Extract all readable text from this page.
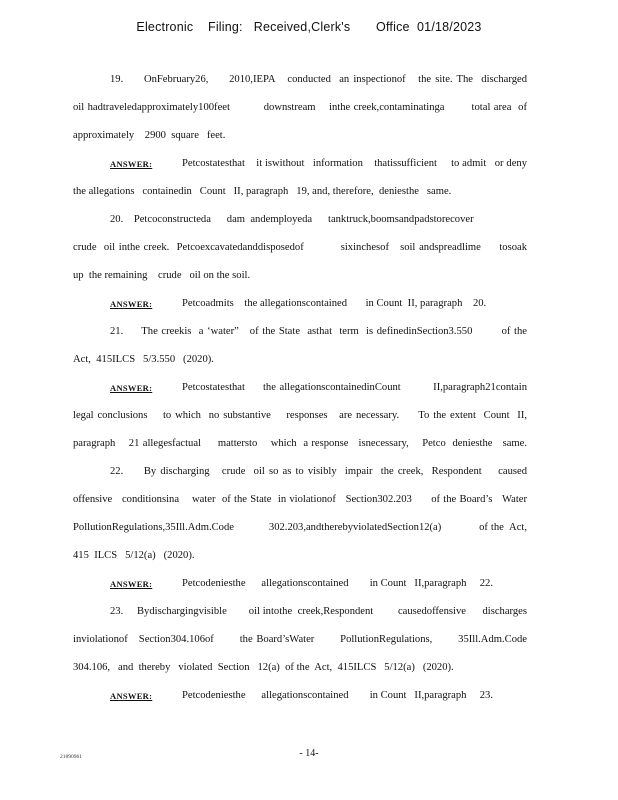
Electronic    Filing:   Received,Clerk's       Office  01/18/2023
19.     OnFebruary26,     2010,IEPA   conducted  an inspectionof   the site. The  discharged
oil hadtraveledapproximately100feet          downstream    inthe creek,contaminatinga        total area  of
approximately    2900  square   feet.
ANSWER:	Petcostatesthat    it iswithout   information    thatissufficient     to admit   or deny
the allegations   containedin   Count   II, paragraph   19, and, therefore,  deniesthe   same.
20.    Petcoconstructeda      dam  andemployeda      tanktruck,boomsandpadstorecover
crude  oil inthe creek.  Petcoexcavatedanddisposedof          sixinchesof   soil andspreadlime     tosoak
up  the remaining    crude   oil on the soil.
ANSWER:	Petcoadmits    the allegationscontained       in Count  II, paragraph    20.
21.     The creekis  a ‘water”   of the State  asthat  term  is definedinSection3.550        of the
Act,  415ILCS   5/3.550   (2020).
ANSWER:	Petcostatesthat     the allegationscontainedinCount         II,paragraph21contain
legal conclusions    to which  no substantive    responses   are necessary.     To the extent  Count  II,
paragraph    21 allegesfactual     mattersto    which  a response   isnecessary,    Petco  deniesthe   same.
22.     By discharging   crude  oil so as to visibly  impair  the creek,  Respondent    caused
offensive   conditionsina    water  of the State  in violationof   Section302.203      of the Board’s   Water
PollutionRegulations,35Ill.Adm.Code            302.203,andtherebyviolatedSection12(a)             of the  Act,
415  ILCS   5/12(a)   (2020).
ANSWER:	Petcodeniesthe      allegationscontained        in Count   II,paragraph     22.
23.     Bydischargingvisible        oil intothe  creek,Respondent         causedoffensive      discharges
inviolationof   Section304.106of       the Board’sWater       PollutionRegulations,       35Ill.Adm.Code
304.106,   and  thereby   violated  Section   12(a)  of the  Act,  415ILCS   5/12(a)   (2020).
ANSWER:	Petcodeniesthe      allegationscontained        in Count   II,paragraph     23.
21890961	- 14-
